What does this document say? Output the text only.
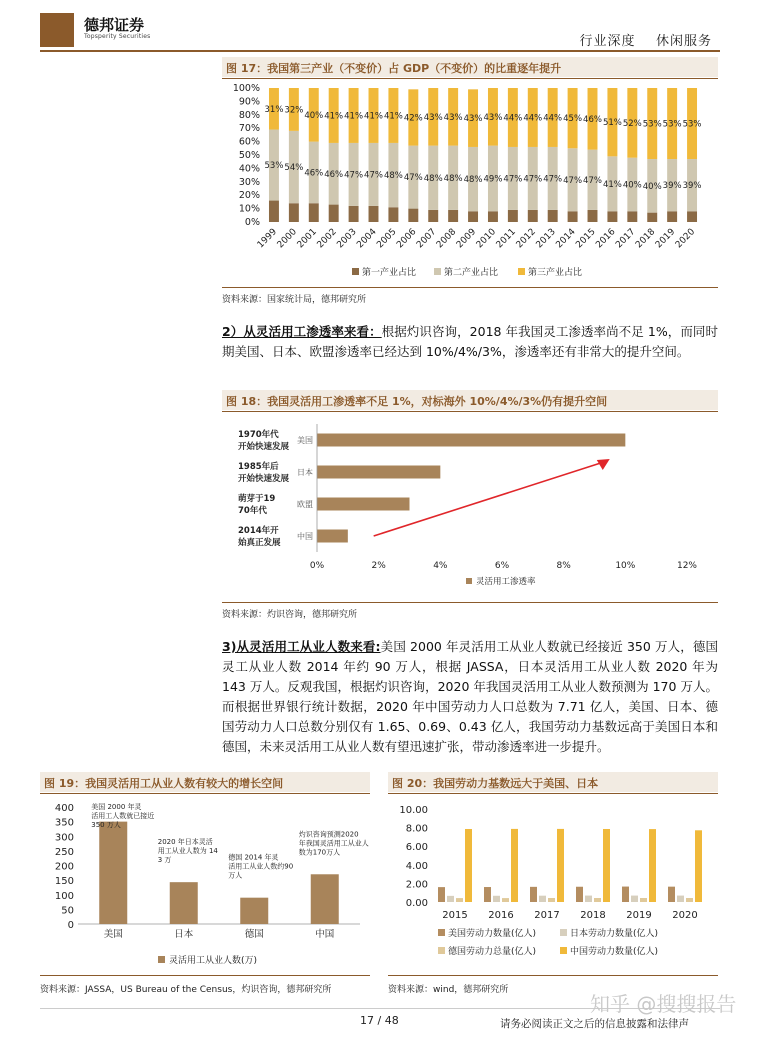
德邦证券
Topsperity Securities	行业深度    休闲服务
图 17：我国第三产业（不变价）占 GDP（不变价）的比重逐年提升
0%
10%
20%
30%
40%
50%
60%
70%
80%
90%
100%
53%
31%
1999
54%
32%
2000
46%
40%
2001
46%
41%
2002
47%
41%
2003
47%
41%
2004
48%
41%
2005
47%
42%
2006
48%
43%
2007
48%
43%
2008
48%
43%
2009
49%
43%
2010
47%
44%
2011
47%
44%
2012
47%
44%
2013
47%
45%
2014
47%
46%
2015
41%
51%
2016
40%
52%
2017
40%
53%
2018
39%
53%
2019
39%
53%
2020
第一产业占比	第二产业占比	第三产业占比
资料来源：国家统计局，德邦研究所
2）从灵活用工渗透率来看：根据灼识咨询，2018 年我国灵工渗透率尚不足 1%，而同时期美国、日本、欧盟渗透率已经达到 10%/4%/3%，渗透率还有非常大的提升空间。
图 18：我国灵活用工渗透率不足 1%，对标海外 10%/4%/3%仍有提升空间
0%	2%	4%	6%	8%	10%	12%
美国
1970年代
开始快速发展
日本
1985年后
开始快速发展
欧盟
萌芽于19
70年代
中国
2014年开
始真正发展
灵活用工渗透率
资料来源：灼识咨询，德邦研究所
3)从灵活用工从业人数来看:美国 2000 年灵活用工从业人数就已经接近 350 万人，德国灵工从业人数 2014 年约 90 万人，根据 JASSA，日本灵活用工从业人数 2020 年为 143 万人。反观我国，根据灼识咨询，2020 年我国灵活用工从业人数预测为 170 万人。而根据世界银行统计数据，2020 年中国劳动力人口总数为 7.71 亿人，美国、日本、德国劳动力人口总数分别仅有 1.65、0.69、0.43 亿人，我国劳动力基数远高于美国日本和德国，未来灵活用工从业人数有望迅速扩张，带动渗透率进一步提升。
图 19：我国灵活用工从业人数有较大的增长空间
0
50
100
150
200
250
300
350
400
美国
美国 2000 年灵
活用工人数就已接近
350 万人
日本
2020 年日本灵活
用工从业人数为 14
3 万
德国
德国 2014 年灵
活用工从业人数约90
万人
中国
灼识咨询预测2020
年我国灵活用工从业人
数为170万人
灵活用工从业人数(万)
资料来源：JASSA，US Bureau of the Census，灼识咨询，德邦研究所
图 20：我国劳动力基数远大于美国、日本
0.00
2.00
4.00
6.00
8.00
10.00
2015 2016 2017 2018 2019 2020
美国劳动力数量(亿人)	日本劳动力数量(亿人)
德国劳动力总量(亿人)	中国劳动力数量(亿人)
资料来源：wind，德邦研究所
知乎 @搜搜报告
17 / 48	请务必阅读正文之后的信息披露和法律声
